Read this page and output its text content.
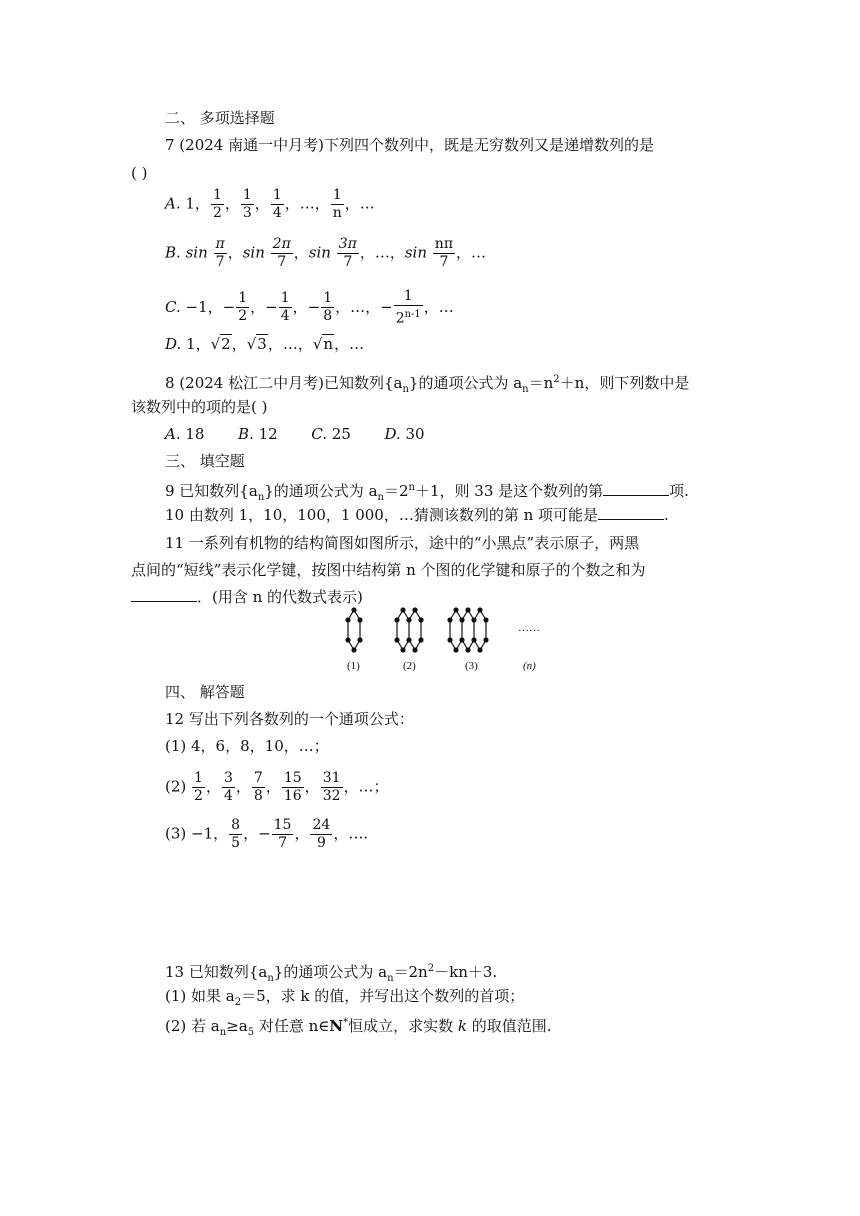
二、 多项选择题
7 (2024 南通一中月考)下列四个数列中，既是无穷数列又是递增数列的是
( )
A. 1， $\frac{1}{2}$ ， $\frac{1}{3}$ ， $\frac{1}{4}$ ，…， $\frac{1}{n}$ ，…
B. $\sin \frac{\pi}{7}$ ，$\sin \frac{2\pi}{7}$ ，$\sin \frac{3\pi}{7}$ ，…，$\sin \frac{n\pi}{7}$ ，…
C. −1，− $\frac{1}{2}$ ，− $\frac{1}{4}$ ，− $\frac{1}{8}$ ，…，− $\frac{1}{2^{n-1}}$ ，…
D. 1，√2，√3，…，√n，…
8 (2024 松江二中月考)已知数列$\{a_n\}$的通项公式为 $a_n=n^2+n$，则下列数中是
该数列中的项的是( )
A. 18 B. 12 C. 25 D. 30
三、 填空题
9 已知数列$\{a_n\}$的通项公式为 $a_n=2^n+1$，则 33 是这个数列的第	项.
10 由数列 1，10，100，1 000，…猜测该数列的第 n 项可能是	.
11 一系列有机物的结构简图如图所示，途中的“小黑点”表示原子，两黑
点间的“短线”表示化学键，按图中结构第 n 个图的化学键和原子的个数之和为
．(用含 n 的代数式表示)
……
(1)	(2)	(3)	(n)
四、 解答题
12 写出下列各数列的一个通项公式：
(1) 4，6，8，10，…；
$(2) \frac{1}{2}$ ， $\frac{3}{4}$ ， $\frac{7}{8}$ ， $\frac{15}{16}$ ， $\frac{31}{32}$ ，…；
(3) −1， $\frac{8}{5}$ ，− $\frac{15}{7}$ ， $\frac{24}{9}$ ，….
13 已知数列$\{a_n\}$的通项公式为 $a_n=2n^2-kn+3$.
(1) 如果 $a_2=5$，求 k 的值，并写出这个数列的首项；
(2) 若 $a_n\ge a_5$ 对任意 n∈N*恒成立，求实数 k 的取值范围.
